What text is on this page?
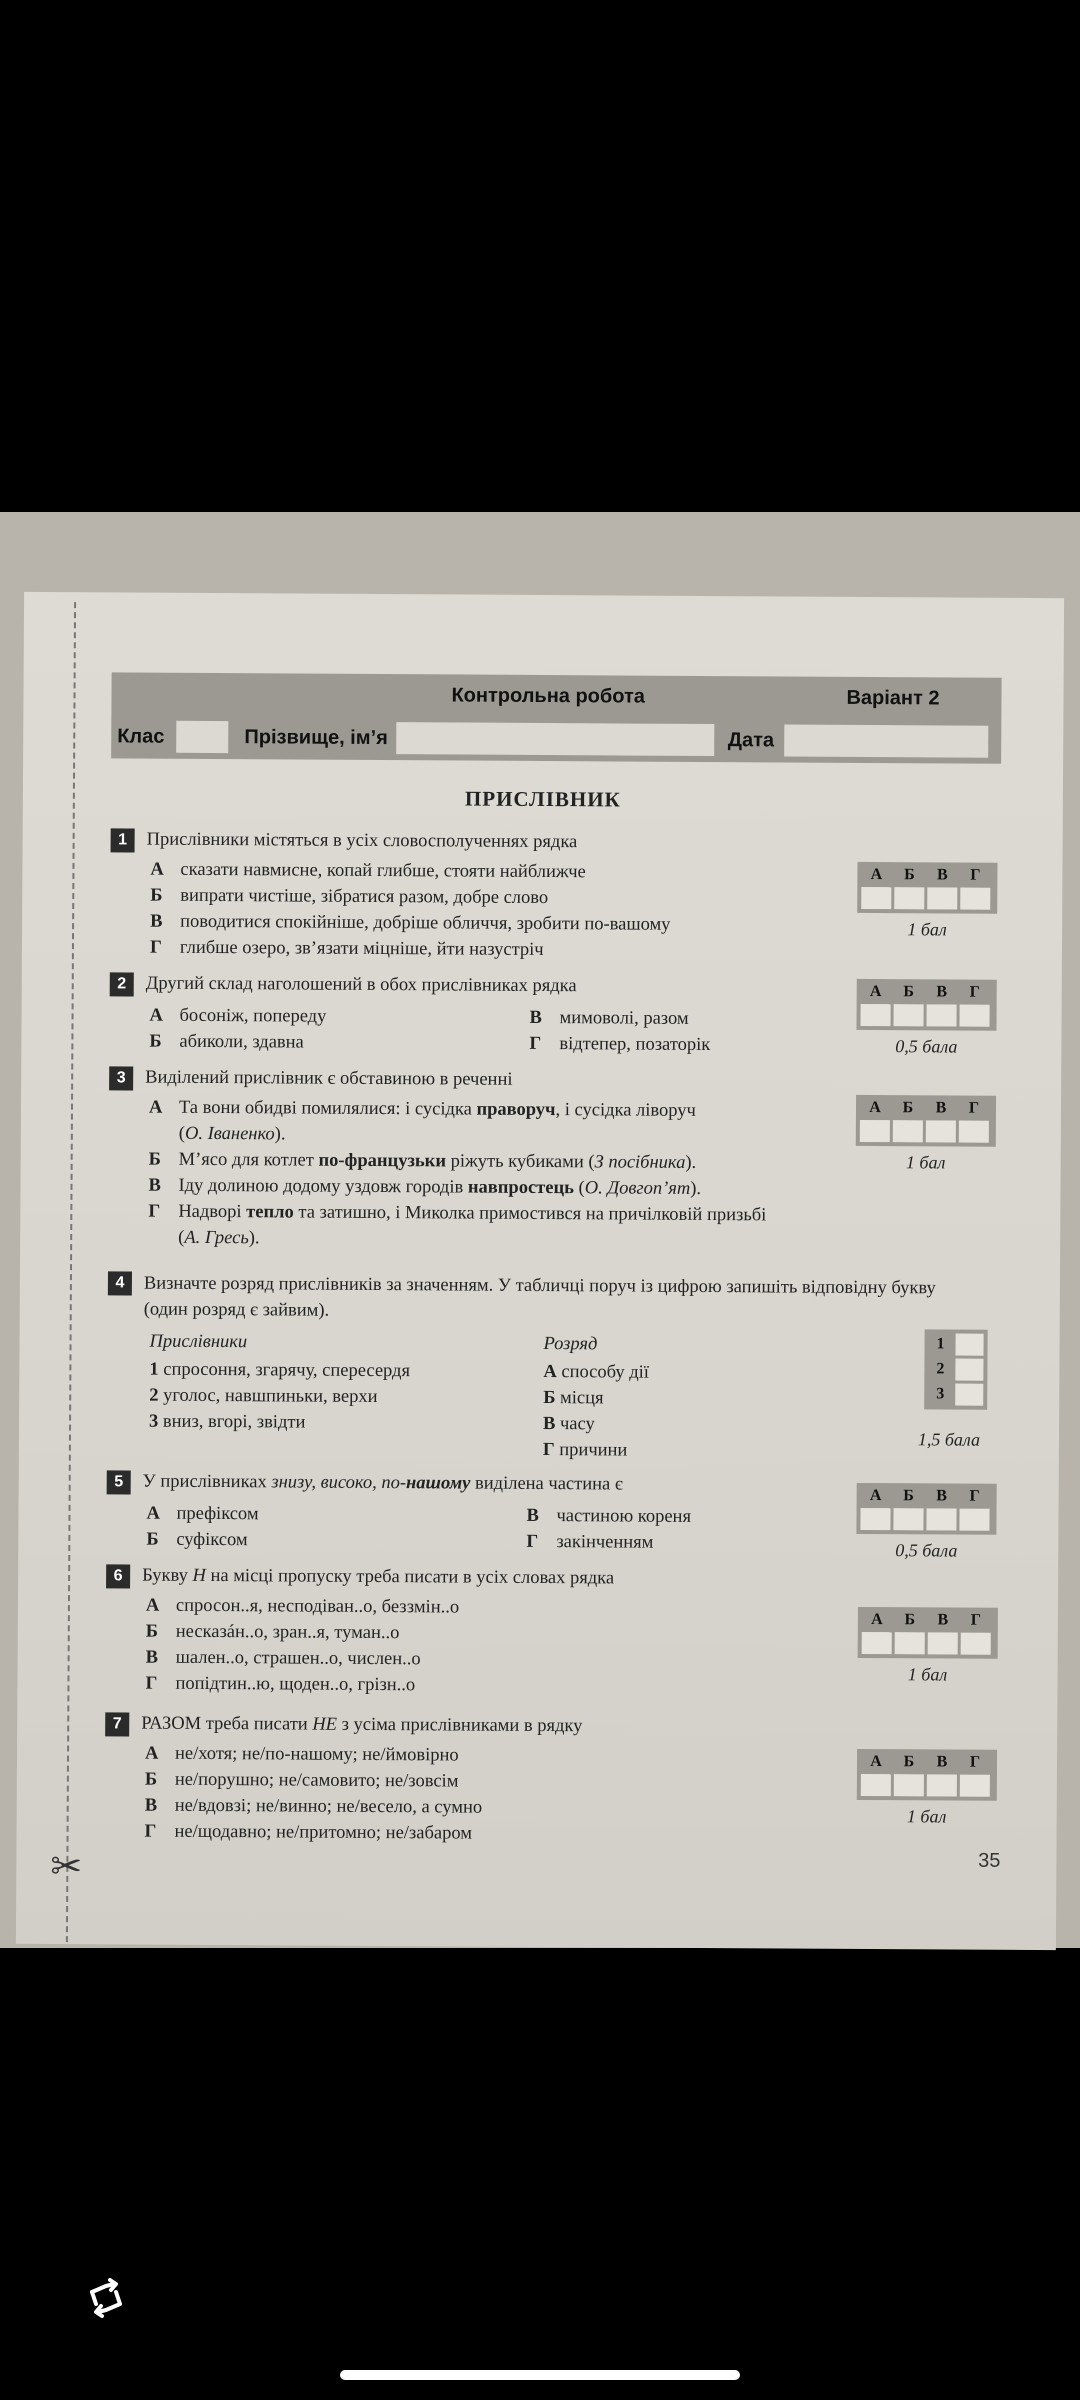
✂
Контрольна робота	Варіант 2
Клас	Прізвище, ім’я	Дата
ПРИСЛІВНИК
1 Прислівники містяться в усіх словосполученнях рядка
А сказати навмисне, копай глибше, стояти найближче
Б випрати чистіше, зібратися разом, добре слово
В поводитися спокійніше, добріше обличчя, зробити по-вашому
Г глибше озеро, зв’язати міцніше, йти назустріч
А	Б	В	Г
1 бал
2 Другий склад наголошений в обох прислівниках рядка
А босоніж, попереду	В мимоволі, разом
Б абиколи, здавна	Г відтепер, позаторік
А	Б	В	Г
0,5 бала
3 Виділений прислівник є обставиною в реченні
А Та вони обидві помилялися: і сусідка праворуч, і сусідка ліворуч
(О. Іваненко).
Б М’ясо для котлет по-французьки ріжуть кубиками (З посібника).
В Іду долиною додому уздовж городів навпростець (О. Довгоп’ят).
Г Надворі тепло та затишно, і Миколка примостився на причілковій призьбі
(А. Гресь).
А	Б	В	Г
1 бал
4	Визначте розряд прислівників за значенням. У табличці поруч із цифрою запишіть відповідну букву (один розряд є зайвим).
Прислівники
1 спросоння, згарячу, спересердя
2 уголос, навшпиньки, верхи
3 вниз, вгорі, звідти
Розряд
А способу дії
Б місця
В часу
Г причини
1
2
3
1,5 бала
5 У прислівниках знизу, високо, по-нашому виділена частина є
А префіксом	В частиною кореня
Б суфіксом	Г закінченням
А	Б	В	Г
0,5 бала
6 Букву Н на місці пропуску треба писати в усіх словах рядка
А спросон..я, несподіван..о, беззмін..о
Б несказáн..о, зран..я, туман..о
В шален..о, страшен..о, числен..о
Г попідтин..ю, щоден..о, грізн..о
А	Б	В	Г
1 бал
7 РАЗОМ треба писати НЕ з усіма прислівниками в рядку
А не/хотя; не/по-нашому; не/ймовірно
Б не/порушно; не/самовито; не/зовсім
В не/вдовзі; не/винно; не/весело, а сумно
Г не/щодавно; не/притомно; не/забаром
А	Б	В	Г
1 бал
35
